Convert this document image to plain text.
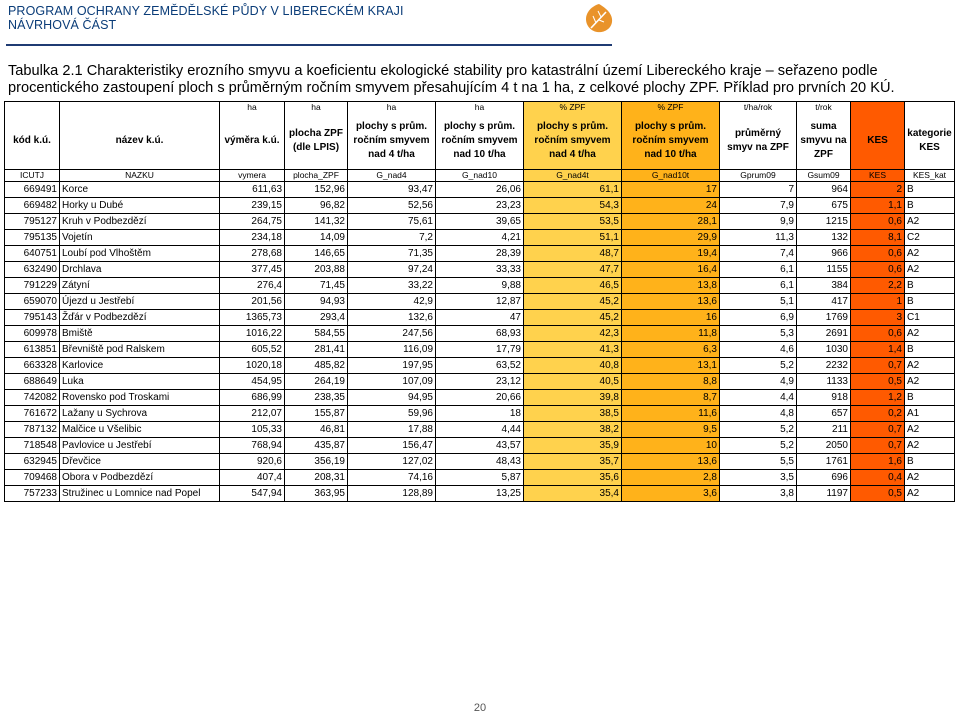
PROGRAM OCHRANY ZEMĚDĚLSKÉ PŮDY V LIBERECKÉM KRAJI
NÁVRHOVÁ ČÁST
Tabulka 2.1 Charakteristiky erozního smyvu a koeficientu ekologické stability pro katastrální území Libereckého kraje – seřazeno podle procentického zastoupení ploch s průměrným ročním smyvem přesahujícím 4 t na 1 ha, z celkové plochy ZPF. Příklad pro prvních 20 KÚ.
		ha	ha	ha	ha	% ZPF	% ZPF	t/ha/rok	t/rok		
kód k.ú.	název k.ú.	výměra k.ú.	plocha ZPF (dle LPIS)	plochy s prům. ročním smyvem nad 4 t/ha	plochy s prům. ročním smyvem nad 10 t/ha	plochy s prům. ročním smyvem nad 4 t/ha	plochy s prům. ročním smyvem nad 10 t/ha	průměrný smyv na ZPF	suma smyvu na ZPF	KES	kategorie KES
ICUTJ	NAZKU	vymera	plocha_ZPF	G_nad4	G_nad10	G_nad4t	G_nad10t	Gprum09	Gsum09	KES	KES_kat
669491	Korce	611,63	152,96	93,47	26,06	61,1	17	7	964	2	B
669482	Horky u Dubé	239,15	96,82	52,56	23,23	54,3	24	7,9	675	1,1	B
795127	Kruh v Podbezdězí	264,75	141,32	75,61	39,65	53,5	28,1	9,9	1215	0,6	A2
795135	Vojetín	234,18	14,09	7,2	4,21	51,1	29,9	11,3	132	8,1	C2
640751	Loubí pod Vlhoštěm	278,68	146,65	71,35	28,39	48,7	19,4	7,4	966	0,6	A2
632490	Drchlava	377,45	203,88	97,24	33,33	47,7	16,4	6,1	1155	0,6	A2
791229	Zátyní	276,4	71,45	33,22	9,88	46,5	13,8	6,1	384	2,2	B
659070	Újezd u Jestřebí	201,56	94,93	42,9	12,87	45,2	13,6	5,1	417	1	B
795143	Žďár v Podbezdězí	1365,73	293,4	132,6	47	45,2	16	6,9	1769	3	C1
609978	Bmiště	1016,22	584,55	247,56	68,93	42,3	11,8	5,3	2691	0,6	A2
613851	Břevniště pod Ralskem	605,52	281,41	116,09	17,79	41,3	6,3	4,6	1030	1,4	B
663328	Karlovice	1020,18	485,82	197,95	63,52	40,8	13,1	5,2	2232	0,7	A2
688649	Luka	454,95	264,19	107,09	23,12	40,5	8,8	4,9	1133	0,5	A2
742082	Rovensko pod Troskami	686,99	238,35	94,95	20,66	39,8	8,7	4,4	918	1,2	B
761672	Lažany u Sychrova	212,07	155,87	59,96	18	38,5	11,6	4,8	657	0,2	A1
787132	Malčice u Všelibic	105,33	46,81	17,88	4,44	38,2	9,5	5,2	211	0,7	A2
718548	Pavlovice u Jestřebí	768,94	435,87	156,47	43,57	35,9	10	5,2	2050	0,7	A2
632945	Dřevčice	920,6	356,19	127,02	48,43	35,7	13,6	5,5	1761	1,6	B
709468	Obora v Podbezdězí	407,4	208,31	74,16	5,87	35,6	2,8	3,5	696	0,4	A2
757233	Stružinec u Lomnice nad Popel	547,94	363,95	128,89	13,25	35,4	3,6	3,8	1197	0,5	A2
20
